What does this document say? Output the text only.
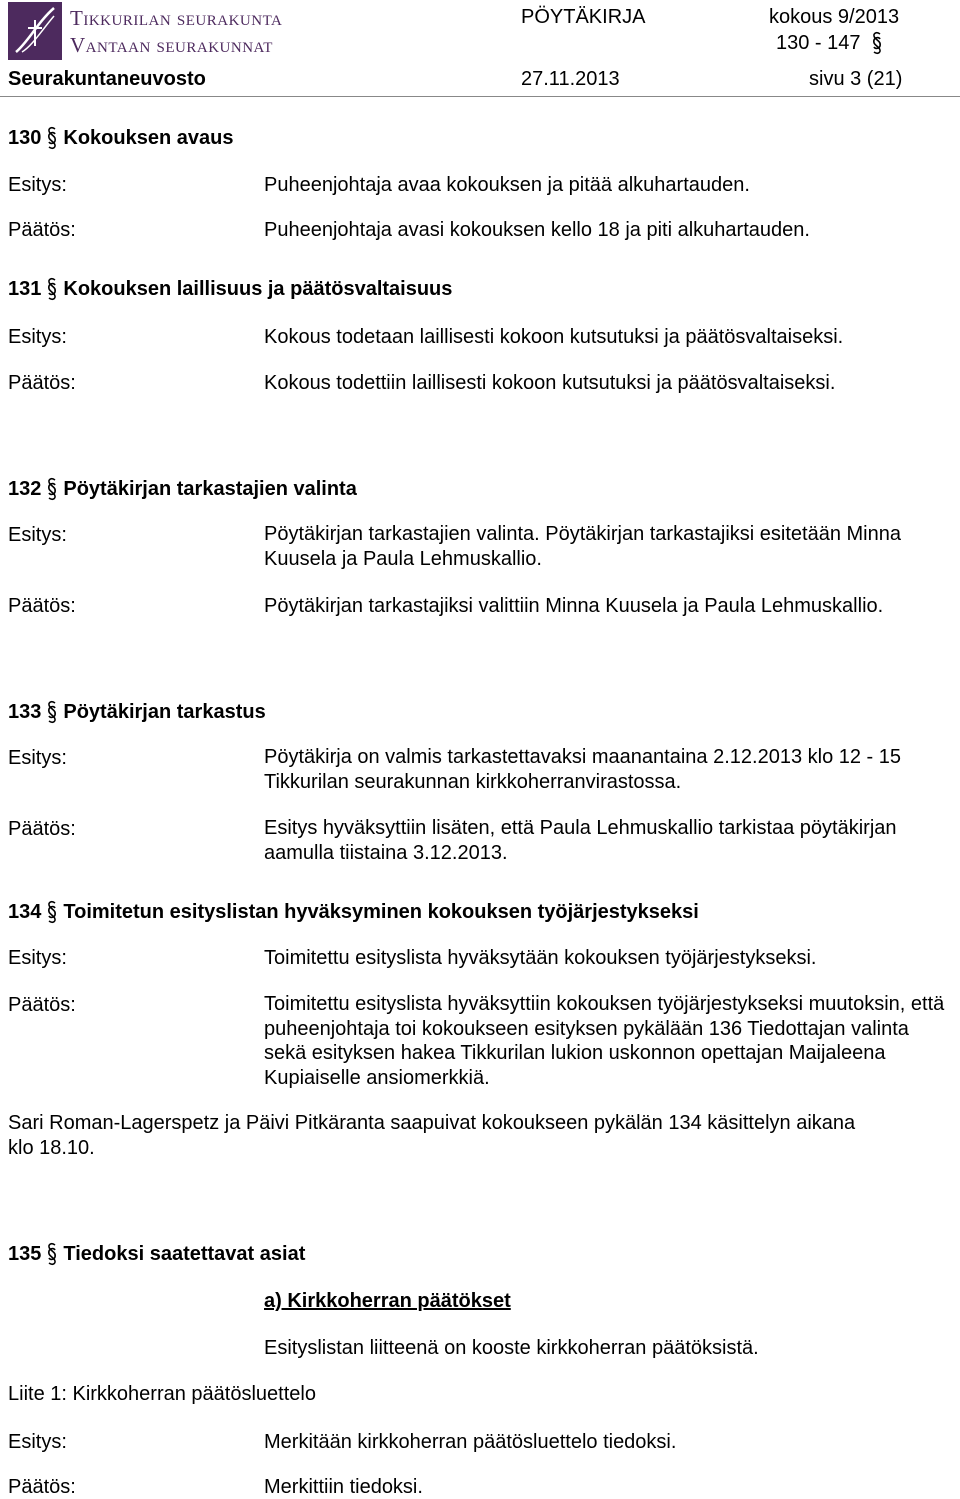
Tikkurilan seurakunta
Vantaan seurakunnat
PÖYTÄKIRJA	kokous 9/2013
130 - 147
Seurakuntaneuvosto	27.11.2013	sivu 3 (21)
130 Kokouksen avaus
Esitys:	Puheenjohtaja avaa kokouksen ja pitää alkuhartauden.
Päätös:	Puheenjohtaja avasi kokouksen kello 18 ja piti alkuhartauden.
131 Kokouksen laillisuus ja päätösvaltaisuus
Esitys:	Kokous todetaan laillisesti kokoon kutsutuksi ja päätösvaltaiseksi.
Päätös:	Kokous todettiin laillisesti kokoon kutsutuksi ja päätösvaltaiseksi.
132 Pöytäkirjan tarkastajien valinta
Esitys:	Pöytäkirjan tarkastajien valinta. Pöytäkirjan tarkastajiksi esitetään Minna Kuusela ja Paula Lehmuskallio.
Päätös:	Pöytäkirjan tarkastajiksi valittiin Minna Kuusela ja Paula Lehmuskallio.
133 Pöytäkirjan tarkastus
Esitys:	Pöytäkirja on valmis tarkastettavaksi maanantaina 2.12.2013 klo 12 - 15 Tikkurilan seurakunnan kirkkoherranvirastossa.
Päätös:	Esitys hyväksyttiin lisäten, että Paula Lehmuskallio tarkistaa pöytäkirjan aamulla tiistaina 3.12.2013.
134 Toimitetun esityslistan hyväksyminen kokouksen työjärjestykseksi
Esitys:	Toimitettu esityslista hyväksytään kokouksen työjärjestykseksi.
Päätös:	Toimitettu esityslista hyväksyttiin kokouksen työjärjestykseksi muutoksin, että puheenjohtaja toi kokoukseen esityksen pykälään 136 Tiedottajan valinta sekä esityksen hakea Tikkurilan lukion uskonnon opettajan Maijaleena Kupiaiselle ansiomerkkiä.
Sari Roman-Lagerspetz ja Päivi Pitkäranta saapuivat kokoukseen pykälän 134 käsittelyn aikana klo 18.10.
135 Tiedoksi saatettavat asiat
a) Kirkkoherran päätökset
Esityslistan liitteenä on kooste kirkkoherran päätöksistä.
Liite 1: Kirkkoherran päätösluettelo
Esitys:	Merkitään kirkkoherran päätösluettelo tiedoksi.
Päätös:	Merkittiin tiedoksi.
